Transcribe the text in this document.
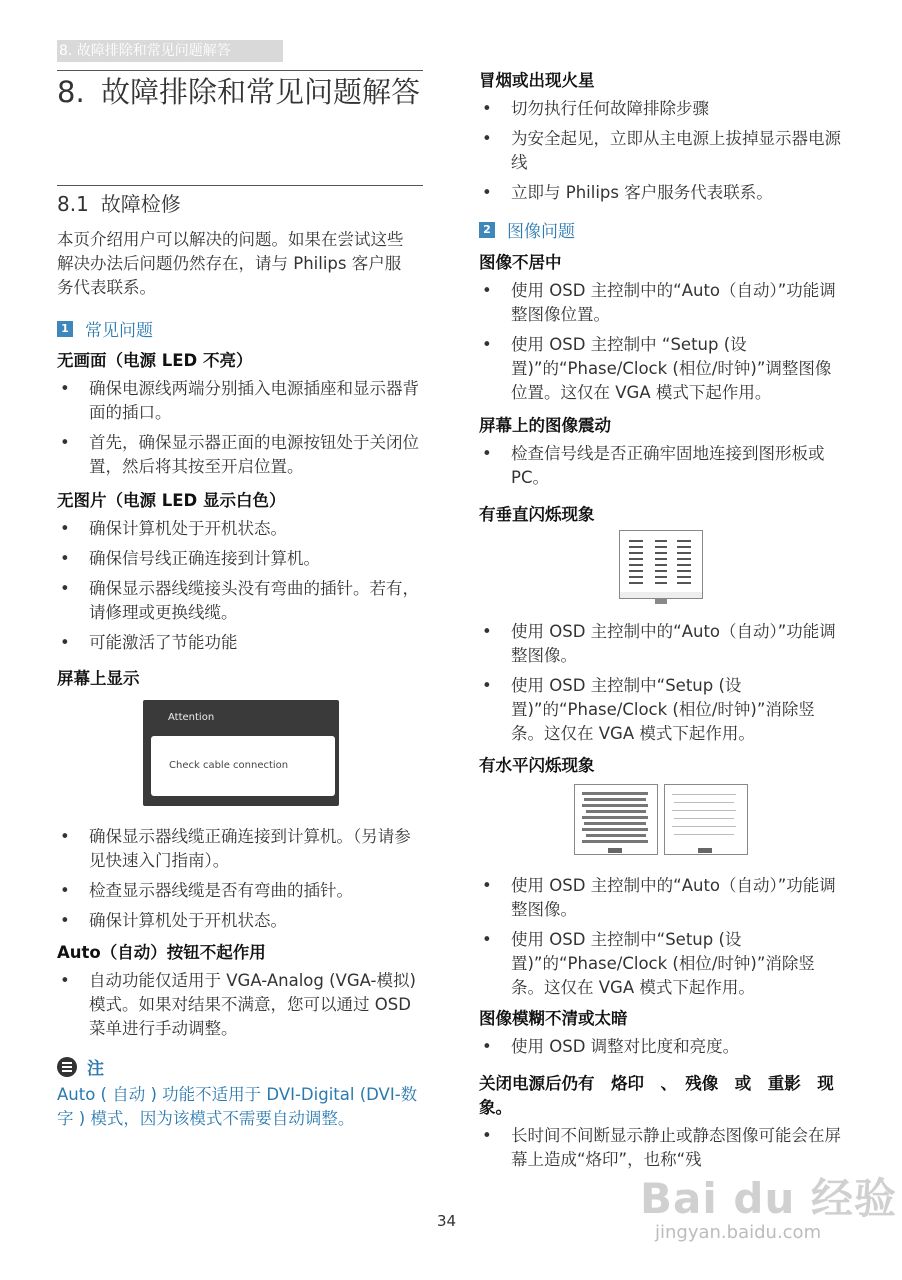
8. 故障排除和常见问题解答
8. 故障排除和常见问题解答
8.1 故障检修
本页介绍用户可以解决的问题。如果在尝试这些解决办法后问题仍然存在，请与 Philips 客户服务代表联系。
1 常见问题
无画面（电源 LED 不亮）
• 确保电源线两端分别插入电源插座和显示器背面的插口。
• 首先，确保显示器正面的电源按钮处于关闭位置，然后将其按至开启位置。
无图片（电源 LED 显示白色）
• 确保计算机处于开机状态。
• 确保信号线正确连接到计算机。
• 确保显示器线缆接头没有弯曲的插针。若有，请修理或更换线缆。
• 可能激活了节能功能
屏幕上显示
Attention
Check cable connection
• 确保显示器线缆正确连接到计算机。（另请参见快速入门指南）。
• 检查显示器线缆是否有弯曲的插针。
• 确保计算机处于开机状态。
Auto（自动）按钮不起作用
• 自动功能仅适用于 VGA-Analog (VGA-模拟) 模式。如果对结果不满意，您可以通过 OSD 菜单进行手动调整。
注
Auto ( 自动 ) 功能不适用于 DVI-Digital (DVI-数字 ) 模式，因为该模式不需要自动调整。
冒烟或出现火星
• 切勿执行任何故障排除步骤
• 为安全起见，立即从主电源上拔掉显示器电源线
• 立即与 Philips 客户服务代表联系。
2 图像问题
图像不居中
• 使用 OSD 主控制中的“Auto（自动）”功能调整图像位置。
• 使用 OSD 主控制中 “Setup (设置)”的“Phase/Clock (相位/时钟)”调整图像位置。这仅在 VGA 模式下起作用。
屏幕上的图像震动
• 检查信号线是否正确牢固地连接到图形板或 PC。
有垂直闪烁现象
• 使用 OSD 主控制中的“Auto（自动）”功能调整图像。
• 使用 OSD 主控制中“Setup (设置)”的“Phase/Clock (相位/时钟)”消除竖条。这仅在 VGA 模式下起作用。
有水平闪烁现象
• 使用 OSD 主控制中的“Auto（自动）”功能调整图像。
• 使用 OSD 主控制中“Setup (设置)”的“Phase/Clock (相位/时钟)”消除竖条。这仅在 VGA 模式下起作用。
图像模糊不清或太暗
• 使用 OSD 调整对比度和亮度。
关闭电源后仍有　烙印　、　残像　或　重影　现象。
• 长时间不间断显示静止或静态图像可能会在屏幕上造成“烙印”，也称“残
34	Bai du 经验
jingyan.baidu.com
